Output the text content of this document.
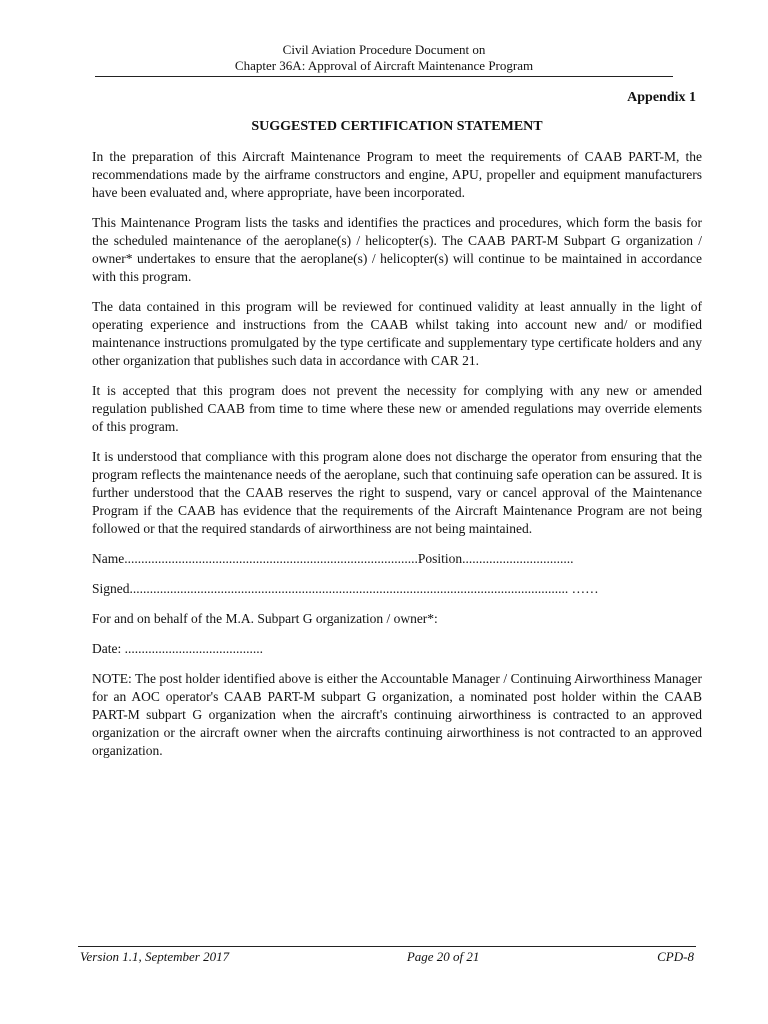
Civil Aviation Procedure Document on
Chapter 36A: Approval of Aircraft Maintenance Program
Appendix 1
SUGGESTED CERTIFICATION STATEMENT

In the preparation of this Aircraft Maintenance Program to meet the requirements of CAAB PART-M, the recommendations made by the airframe constructors and engine, APU, propeller and equipment manufacturers have been evaluated and, where appropriate, have been incorporated.

This Maintenance Program lists the tasks and identifies the practices and procedures, which form the basis for the scheduled maintenance of the aeroplane(s) / helicopter(s). The CAAB PART-M Subpart G organization / owner* undertakes to ensure that the aeroplane(s) / helicopter(s) will continue to be maintained in accordance with this program.

The data contained in this program will be reviewed for continued validity at least annually in the light of operating experience and instructions from the CAAB whilst taking into account new and/ or modified maintenance instructions promulgated by the type certificate and supplementary type certificate holders and any other organization that publishes such data in accordance with CAR 21.

It is accepted that this program does not prevent the necessity for complying with any new or amended regulation published CAAB from time to time where these new or amended regulations may override elements of this program.

It is understood that compliance with this program alone does not discharge the operator from ensuring that the program reflects the maintenance needs of the aeroplane, such that continuing safe operation can be assured. It is further understood that the CAAB reserves the right to suspend, vary or cancel approval of the Maintenance Program if the CAAB has evidence that the requirements of the Aircraft Maintenance Program are not being followed or that the required standards of airworthiness are not being maintained.

Name.......................................................................................Position.................................
Signed.................................................................................................................................. ……
For and on behalf of the M.A. Subpart G organization / owner*:
Date: .........................................

NOTE: The post holder identified above is either the Accountable Manager / Continuing Airworthiness Manager for an AOC operator's CAAB PART-M subpart G organization, a nominated post holder within the CAAB PART-M subpart G organization when the aircraft's continuing airworthiness is contracted to an approved organization or the aircraft owner when the aircrafts continuing airworthiness is not contracted to an approved organization.

Version 1.1, September 2017	Page 20 of 21	CPD-8
